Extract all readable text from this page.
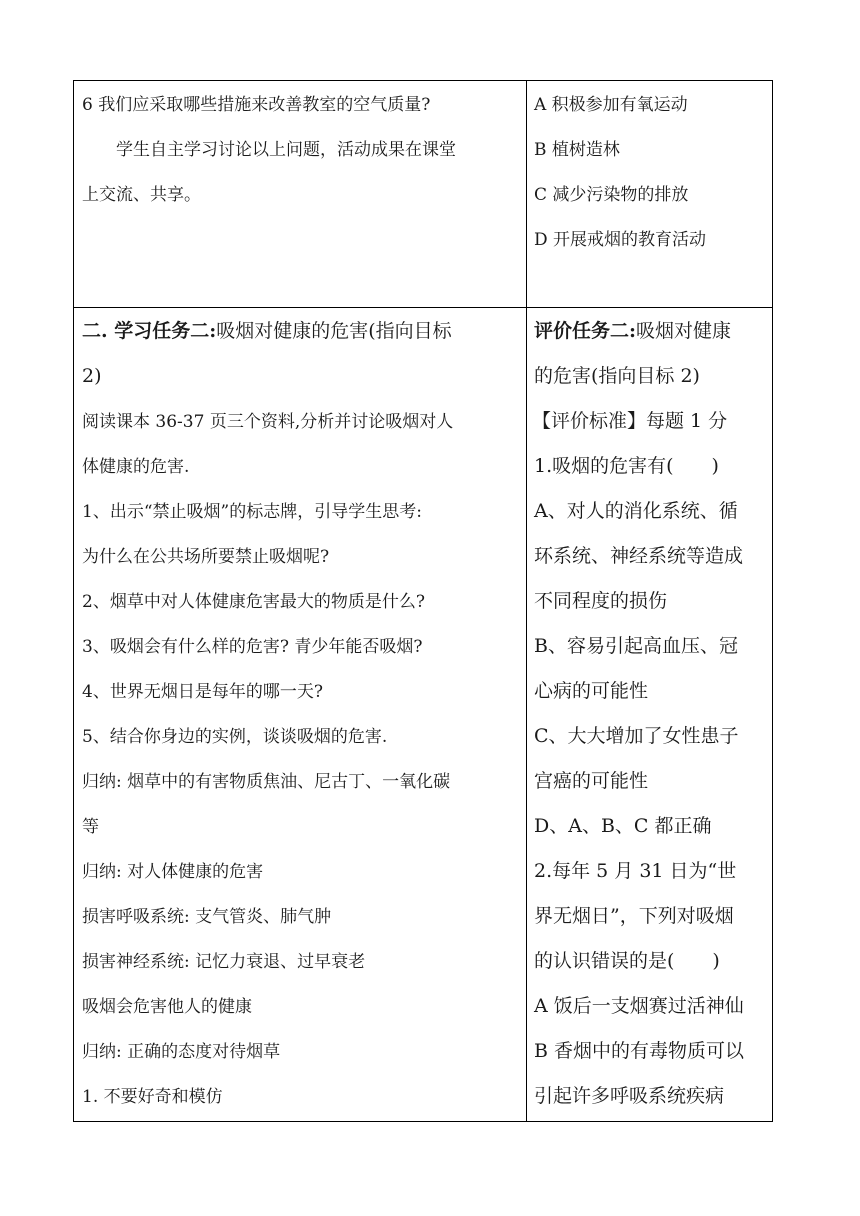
6 我们应采取哪些措施来改善教室的空气质量?
学生自主学习讨论以上问题，活动成果在课堂
上交流、共享。
A 积极参加有氧运动
B 植树造林
C 减少污染物的排放
D 开展戒烟的教育活动
二. 学习任务二:吸烟对健康的危害(指向目标
2)
阅读课本 36-37 页三个资料,分析并讨论吸烟对人
体健康的危害.
1、出示“禁止吸烟”的标志牌，引导学生思考:
为什么在公共场所要禁止吸烟呢?
2、烟草中对人体健康危害最大的物质是什么?
3、吸烟会有什么样的危害? 青少年能否吸烟?
4、世界无烟日是每年的哪一天?
5、结合你身边的实例，谈谈吸烟的危害.
归纳: 烟草中的有害物质焦油、尼古丁、一氧化碳
等
归纳: 对人体健康的危害
损害呼吸系统: 支气管炎、肺气肿
损害神经系统: 记忆力衰退、过早衰老
吸烟会危害他人的健康
归纳: 正确的态度对待烟草
1. 不要好奇和模仿
评价任务二:吸烟对健康
的危害(指向目标 2)
【评价标准】每题 1 分
1.吸烟的危害有(　　)
A、对人的消化系统、循
环系统、神经系统等造成
不同程度的损伤
B、容易引起高血压、冠
心病的可能性
C、大大增加了女性患子
宫癌的可能性
D、A、B、C 都正确
2.每年 5 月 31 日为“世
界无烟日”，下列对吸烟
的认识错误的是(　　)
A 饭后一支烟赛过活神仙
B 香烟中的有毒物质可以
引起许多呼吸系统疾病
